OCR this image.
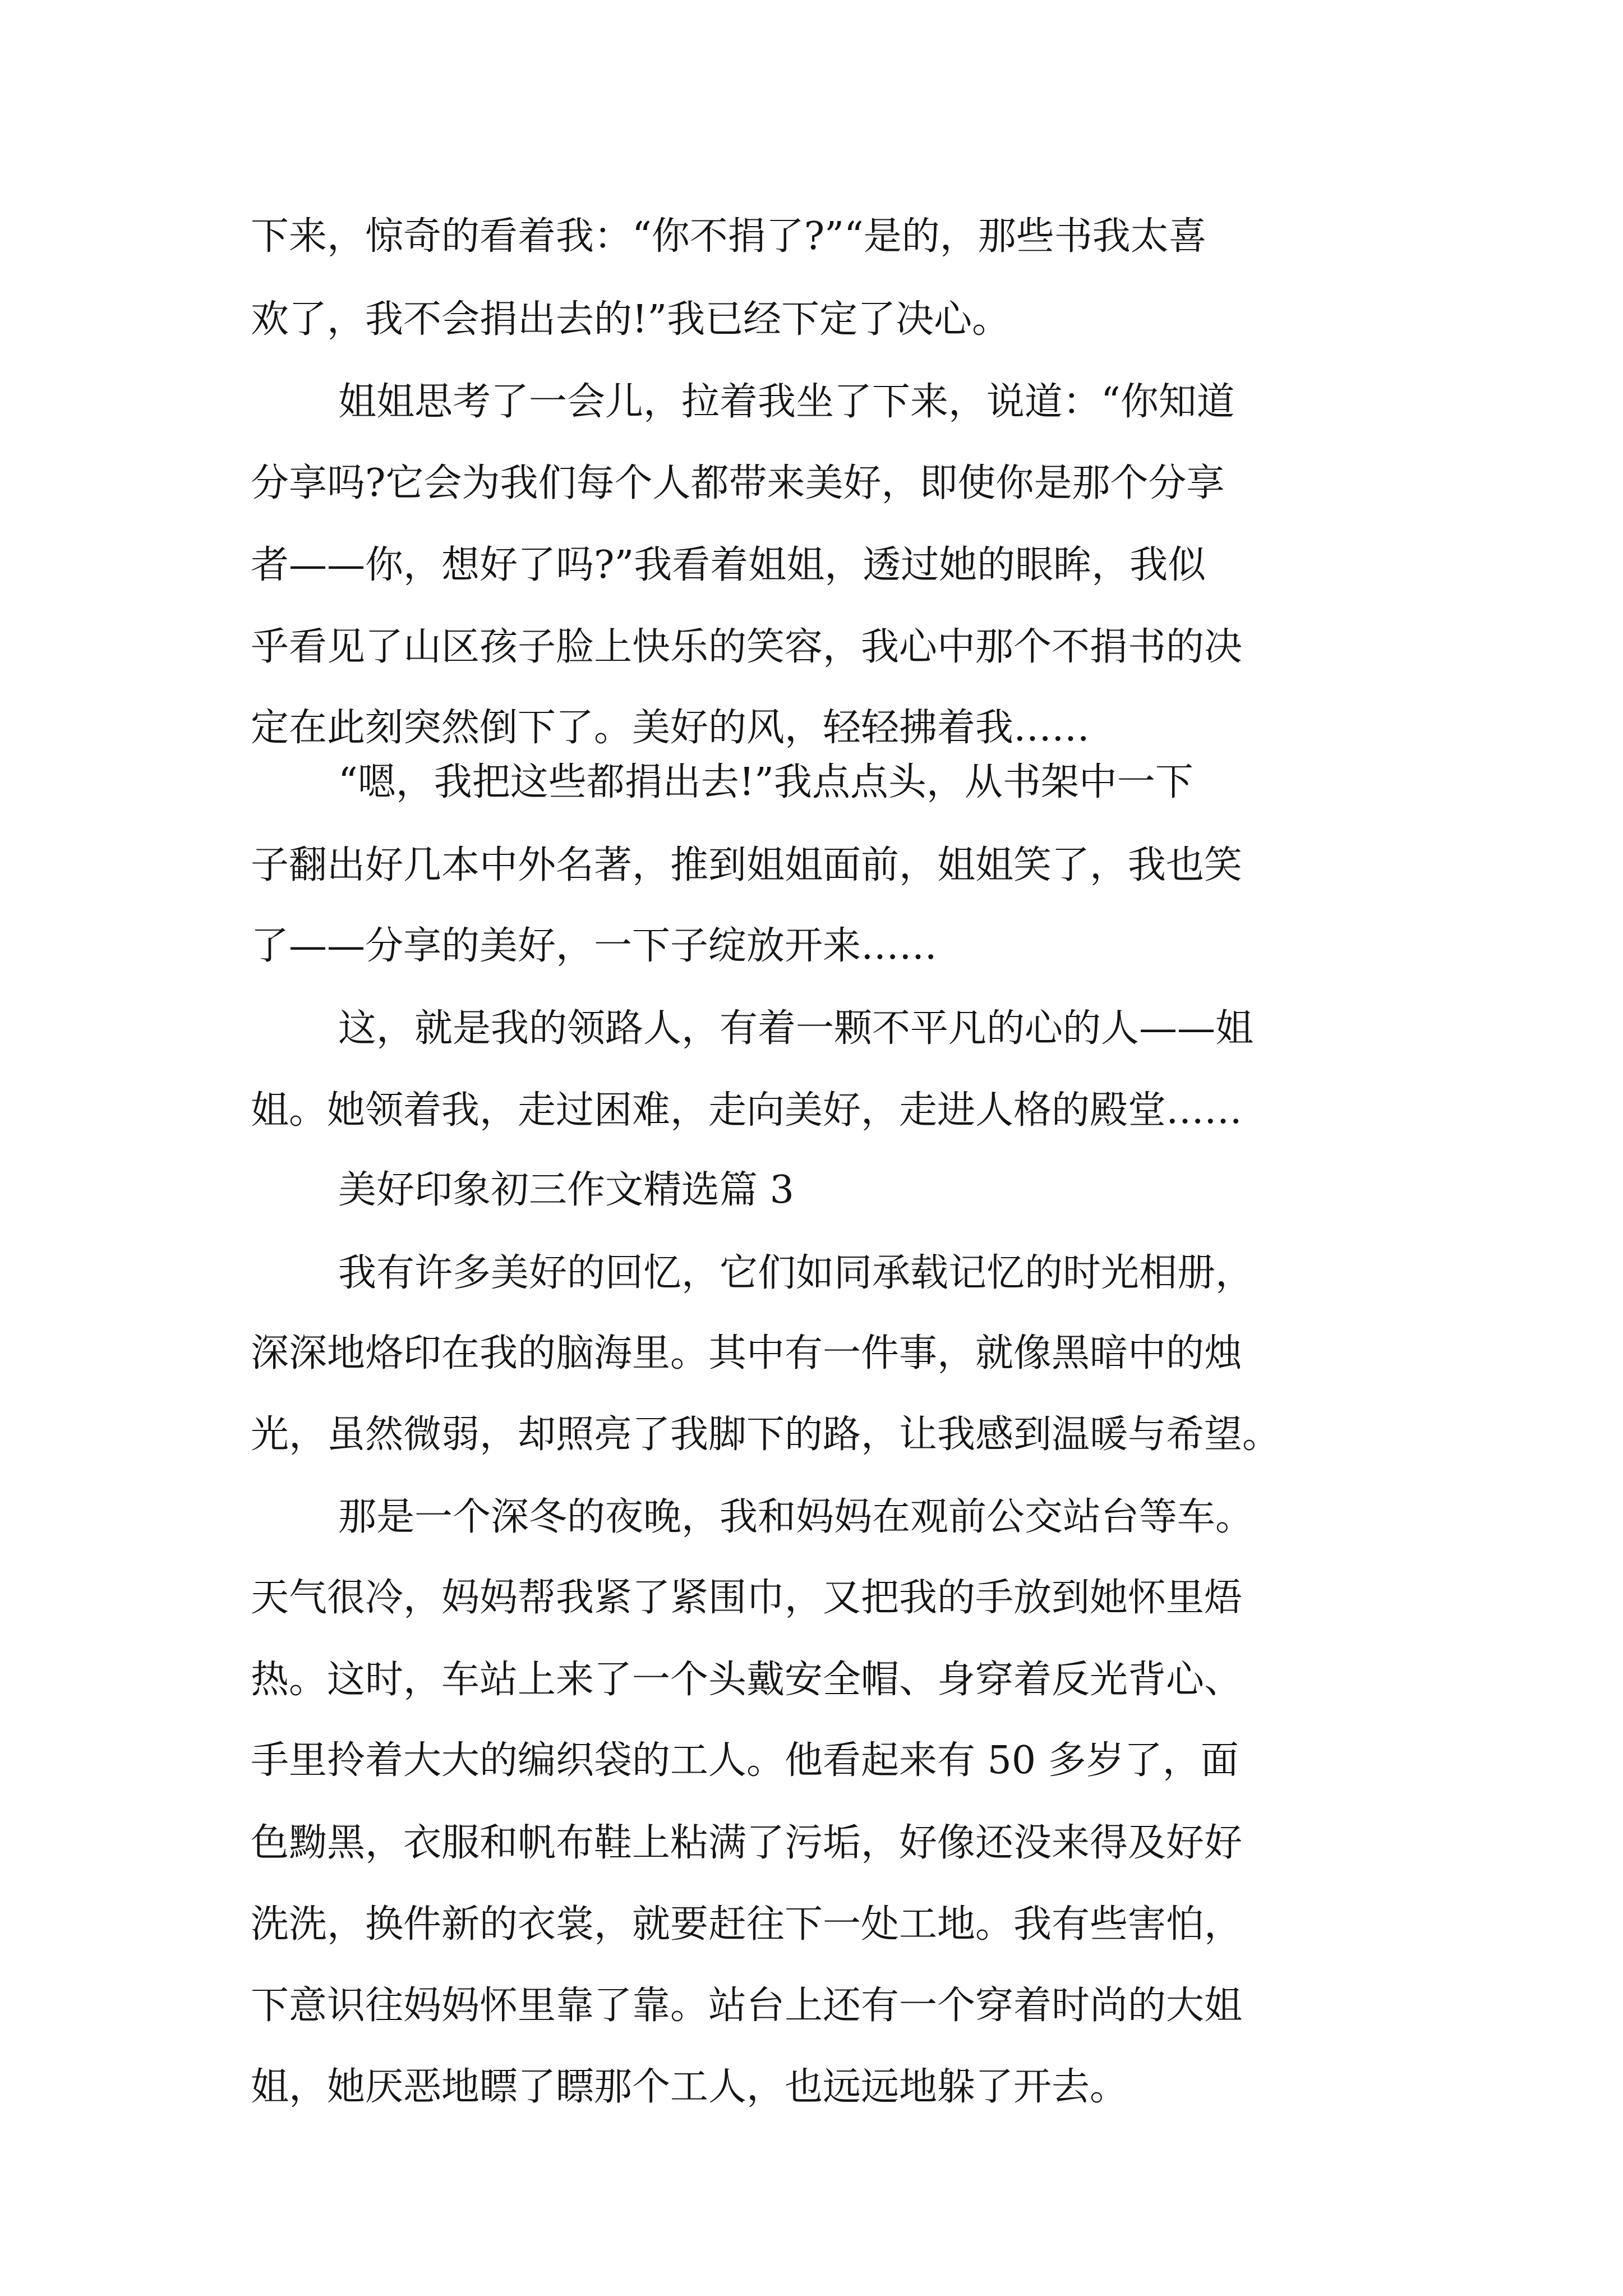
下来，惊奇的看着我：“你不捐了?”“是的，那些书我太喜
欢了，我不会捐出去的!”我已经下定了决心。
姐姐思考了一会儿，拉着我坐了下来，说道：“你知道
分享吗?它会为我们每个人都带来美好，即使你是那个分享
者——你，想好了吗?”我看着姐姐，透过她的眼眸，我似
乎看见了山区孩子脸上快乐的笑容，我心中那个不捐书的决
定在此刻突然倒下了。美好的风，轻轻拂着我……
“嗯，我把这些都捐出去!”我点点头，从书架中一下
子翻出好几本中外名著，推到姐姐面前，姐姐笑了，我也笑
了——分享的美好，一下子绽放开来……
这，就是我的领路人，有着一颗不平凡的心的人——姐
姐。她领着我，走过困难，走向美好，走进人格的殿堂……
美好印象初三作文精选篇 3
我有许多美好的回忆，它们如同承载记忆的时光相册，
深深地烙印在我的脑海里。其中有一件事，就像黑暗中的烛
光，虽然微弱，却照亮了我脚下的路，让我感到温暖与希望。
那是一个深冬的夜晚，我和妈妈在观前公交站台等车。
天气很冷，妈妈帮我紧了紧围巾，又把我的手放到她怀里焐
热。这时，车站上来了一个头戴安全帽、身穿着反光背心、
手里拎着大大的编织袋的工人。他看起来有 50 多岁了，面
色黝黑，衣服和帆布鞋上粘满了污垢，好像还没来得及好好
洗洗，换件新的衣裳，就要赶往下一处工地。我有些害怕，
下意识往妈妈怀里靠了靠。站台上还有一个穿着时尚的大姐
姐，她厌恶地瞟了瞟那个工人，也远远地躲了开去。
